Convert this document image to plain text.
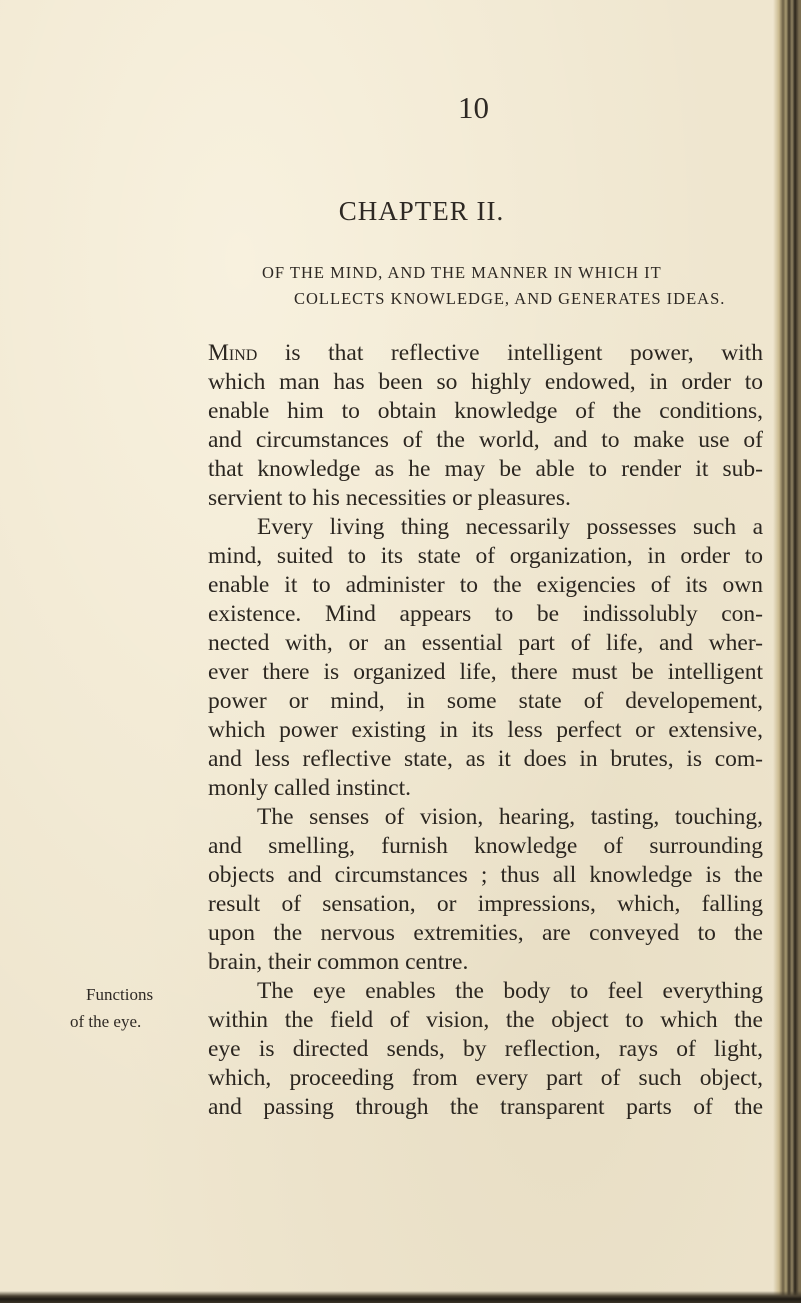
10
CHAPTER II.
OF THE MIND, AND THE MANNER IN WHICH IT
COLLECTS KNOWLEDGE, AND GENERATES IDEAS.
Mind is that reflective intelligent power, with
which man has been so highly endowed, in order to
enable him to obtain knowledge of the conditions,
and circumstances of the world, and to make use of
that knowledge as he may be able to render it sub-
servient to his necessities or pleasures.
Every living thing necessarily possesses such a
mind, suited to its state of organization, in order to
enable it to administer to the exigencies of its own
existence. Mind appears to be indissolubly con-
nected with, or an essential part of life, and wher-
ever there is organized life, there must be intelligent
power or mind, in some state of developement,
which power existing in its less perfect or extensive,
and less reflective state, as it does in brutes, is com-
monly called instinct.
The senses of vision, hearing, tasting, touching,
and smelling, furnish knowledge of surrounding
objects and circumstances ; thus all knowledge is the
result of sensation, or impressions, which, falling
upon the nervous extremities, are conveyed to the
brain, their common centre.
Functions
of the eye.
The eye enables the body to feel everything
within the field of vision, the object to which the
eye is directed sends, by reflection, rays of light,
which, proceeding from every part of such object,
and passing through the transparent parts of the
